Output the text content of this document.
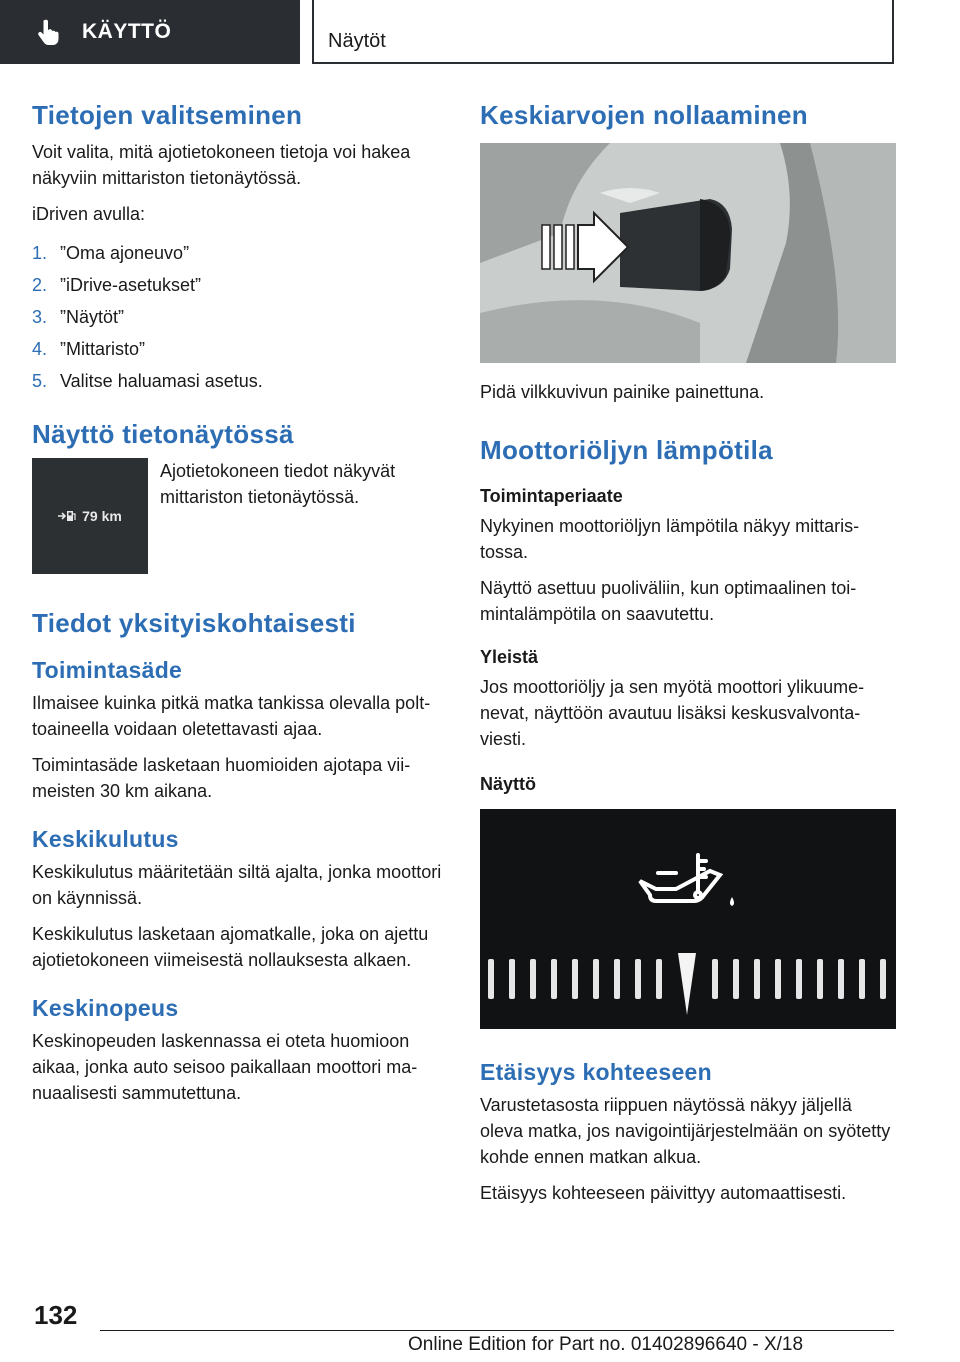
KÄYTTÖ	Näytöt
Tietojen valitseminen

Voit valita, mitä ajotietokoneen tietoja voi hakea näkyviin mittariston tietonäytössä.

iDriven avulla:

1. ”Oma ajoneuvo”
2. ”iDrive-asetukset”
3. ”Näytöt”
4. ”Mittaristo”
5. Valitse haluamasi asetus.
Näyttö tietonäytössä
79 km

Ajotietokoneen tiedot näkyvät mittariston tietonäytössä.

Tiedot yksityiskohtaisesti
Toimintasäde

Ilmaisee kuinka pitkä matka tankissa olevalla polttoaineella voidaan oletettavasti ajaa.

Toimintasäde lasketaan huomioiden ajotapa viimeisten 30 km aikana.

Keskikulutus

Keskikulutus määritetään siltä ajalta, jonka moottori on käynnissä.

Keskikulutus lasketaan ajomatkalle, joka on ajettu ajotietokoneen viimeisestä nollauksesta alkaen.

Keskinopeus

Keskinopeuden laskennassa ei oteta huomioon aikaa, jonka auto seisoo paikallaan moottori manuaalisesti sammutettuna.

Keskiarvojen nollaaminen

Pidä vilkkuvivun painike painettuna.

Moottoriöljyn lämpötila
Toimintaperiaate

Nykyinen moottoriöljyn lämpötila näkyy mittaristossa.

Näyttö asettuu puoliväliin, kun optimaalinen toimintalämpötila on saavutettu.

Yleistä

Jos moottoriöljy ja sen myötä moottori ylikuumenevat, näyttöön avautuu lisäksi keskusvalvontaviesti.

Näyttö
Etäisyys kohteeseen

Varustetasosta riippuen näytössä näkyy jäljellä oleva matka, jos navigointijärjestelmään on syötetty kohde ennen matkan alkua.

Etäisyys kohteeseen päivittyy automaattisesti.

132
Online Edition for Part no. 01402896640 - X/18
